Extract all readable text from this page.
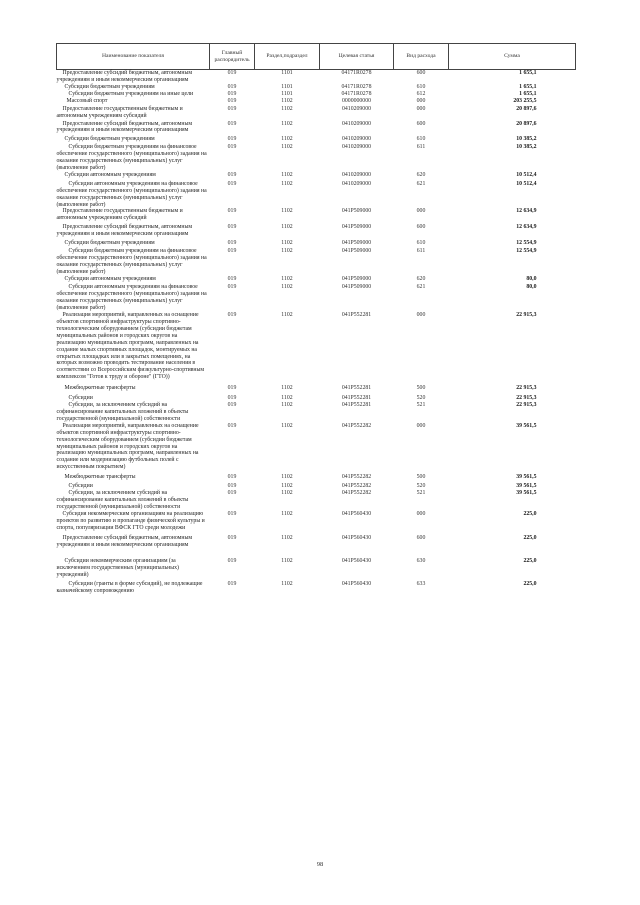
Наименование показателя	Главный распорядитель	Раздел,подраздел	Целевая статья	Вид расхода	Сумма
Предоставление субсидий бюджетным, автономным учреждениям и иным некоммерческим организациям	019	1101	04171R0278	600	1 655,1
Субсидии бюджетным учреждениям	019	1101	04171R0278	610	1 655,1
Субсидии бюджетным учреждениям на иные цели	019	1101	04171R0278	612	1 655,1
Массовый спорт	019	1102	0000000000	000	203 255,5
Предоставление государственным бюджетным и автономным учреждениям субсидий	019	1102	0410209000	000	20 897,6
Предоставление субсидий бюджетным, автономным учреждениям и иным некоммерческим организациям	019	1102	0410209000	600	20 897,6
Субсидии бюджетным учреждениям	019	1102	0410209000	610	10 385,2
Субсидии бюджетным учреждениям на финансовое обеспечение государственного (муниципального) задания на оказание государственных (муниципальных) услуг (выполнение работ)	019	1102	0410209000	611	10 385,2
Субсидии автономным учреждениям	019	1102	0410209000	620	10 512,4
Субсидии автономным учреждениям на финансовое обеспечение государственного (муниципального) задания на оказание государственных (муниципальных) услуг (выполнение работ)	019	1102	0410209000	621	10 512,4
Предоставление государственным бюджетным и автономным учреждениям субсидий	019	1102	041P509000	000	12 634,9
Предоставление субсидий бюджетным, автономным учреждениям и иным некоммерческим организациям	019	1102	041P509000	600	12 634,9
Субсидии бюджетным учреждениям	019	1102	041P509000	610	12 554,9
Субсидии бюджетным учреждениям на финансовое обеспечение государственного (муниципального) задания на оказание государственных (муниципальных) услуг (выполнение работ)	019	1102	041P509000	611	12 554,9
Субсидии автономным учреждениям	019	1102	041P509000	620	80,0
Субсидии автономным учреждениям на финансовое обеспечение государственного (муниципального) задания на оказание государственных (муниципальных) услуг (выполнение работ)	019	1102	041P509000	621	80,0
Реализация мероприятий, направленных на оснащение объектов спортивной инфраструктуры спортивно-технологическим оборудованием (субсидии бюджетам муниципальных районов и городских округов на реализацию муниципальных программ, направленных на создание малых спортивных площадок, монтируемых на открытых площадках или в закрытых помещениях, на которых возможно проводить тестирование населения в соответствии со Всероссийским физкультурно-спортивным комплексом "Готов к труду и обороне" (ГТО))	019	1102	041P552281	000	22 915,3
Межбюджетные трансферты	019	1102	041P552281	500	22 915,3
Субсидии	019	1102	041P552281	520	22 915,3
Субсидии, за исключением субсидий на софинансирование капитальных вложений в объекты государственной (муниципальной) собственности	019	1102	041P552281	521	22 915,3
Реализация мероприятий, направленных на оснащение объектов спортивной инфраструктуры спортивно-технологическим оборудованием (субсидии бюджетам муниципальных районов и городских округов на реализацию муниципальных программ, направленных на создание или модернизацию футбольных полей с искусственным покрытием)	019	1102	041P552282	000	39 561,5
Межбюджетные трансферты	019	1102	041P552282	500	39 561,5
Субсидии	019	1102	041P552282	520	39 561,5
Субсидии, за исключением субсидий на софинансирование капитальных вложений в объекты государственной (муниципальной) собственности	019	1102	041P552282	521	39 561,5
Субсидия некоммерческим организациям на реализацию проектов по развитию и пропаганде физической культуры и спорта, популяризации ВФСК ГТО среди молодежи	019	1102	041P560430	000	225,0
Предоставление субсидий бюджетным, автономным учреждениям и иным некоммерческим организациям	019	1102	041P560430	600	225,0
Субсидии некоммерческим организациям (за исключением государственных (муниципальных) учреждений)	019	1102	041P560430	630	225,0
Субсидии (гранты в форме субсидий), не подлежащие казначейскому сопровождению	019	1102	041P560430	633	225,0
98
